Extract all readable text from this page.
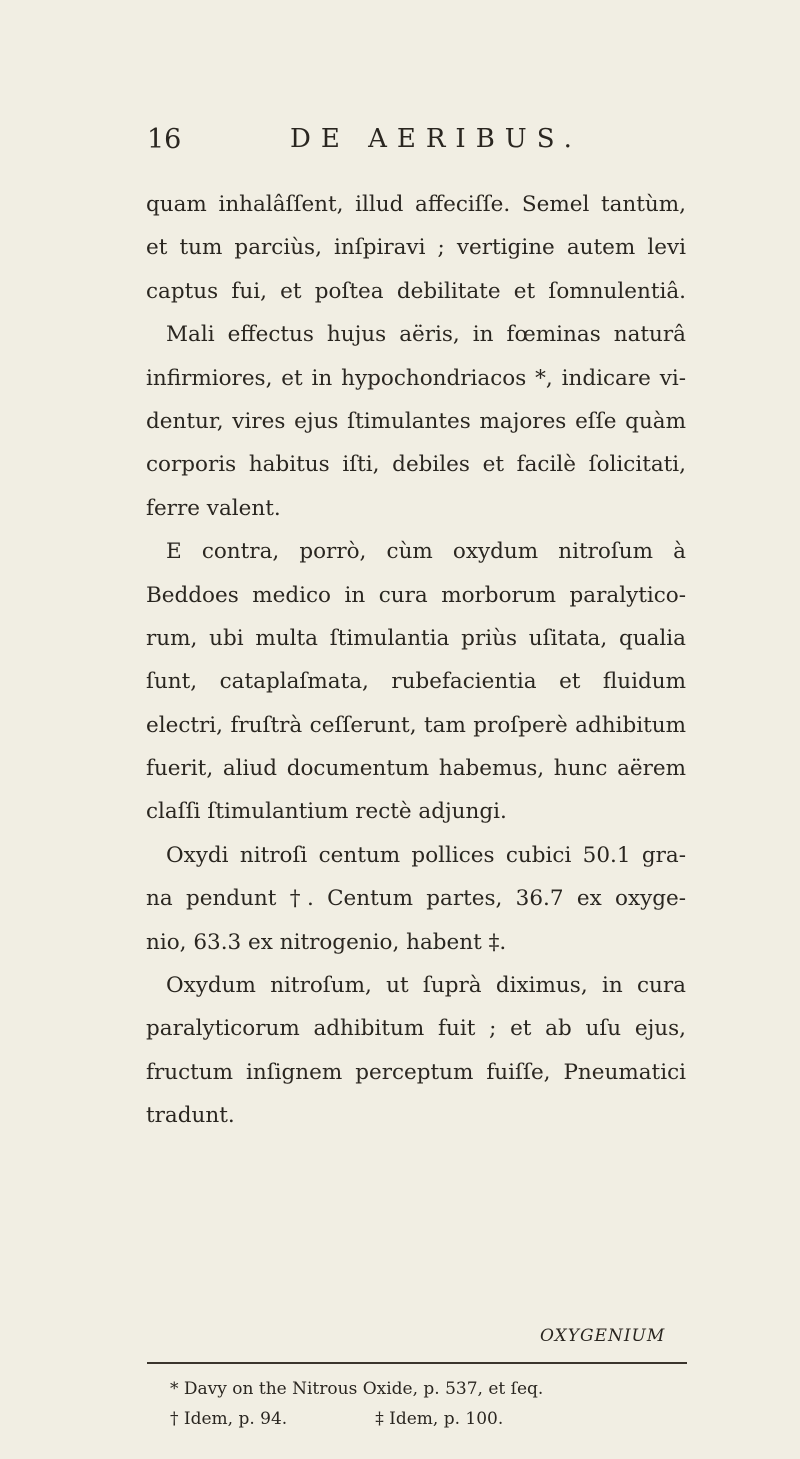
16	DE AERIBUS.
quam inhalâſſent, illud affeciſſe. Semel tantùm,
et tum parciùs, inſpiravi ; vertigine autem levi
captus fui, et poſtea debilitate et ſomnulentiâ.
Mali effectus hujus aëris, in fœminas naturâ
infirmiores, et in hypochondriacos *, indicare vi-
dentur, vires ejus ſtimulantes majores eſſe quàm
corporis habitus iſti, debiles et facilè ſolicitati,
ferre valent.
E contra, porrò, cùm oxydum nitroſum à
Beddoes medico in cura morborum paralytico-
rum, ubi multa ſtimulantia priùs uſitata, qualia
ſunt, cataplaſmata, rubefacientia et fluidum
electri, fruſtrà ceſſerunt, tam proſperè adhibitum
fuerit, aliud documentum habemus, hunc aërem
claſſi ſtimulantium rectè adjungi.
Oxydi nitroſi centum pollices cubici 50.1 gra-
na pendunt †. Centum partes, 36.7 ex oxyge-
nio, 63.3 ex nitrogenio, habent ‡.
Oxydum nitroſum, ut ſuprà diximus, in cura
paralyticorum adhibitum fuit ; et ab uſu ejus,
fructum inſignem perceptum fuiſſe, Pneumatici
tradunt.
OXYGENIUM
* Davy on the Nitrous Oxide, p. 537, et ſeq.
† Idem, p. 94.	‡ Idem, p. 100.
